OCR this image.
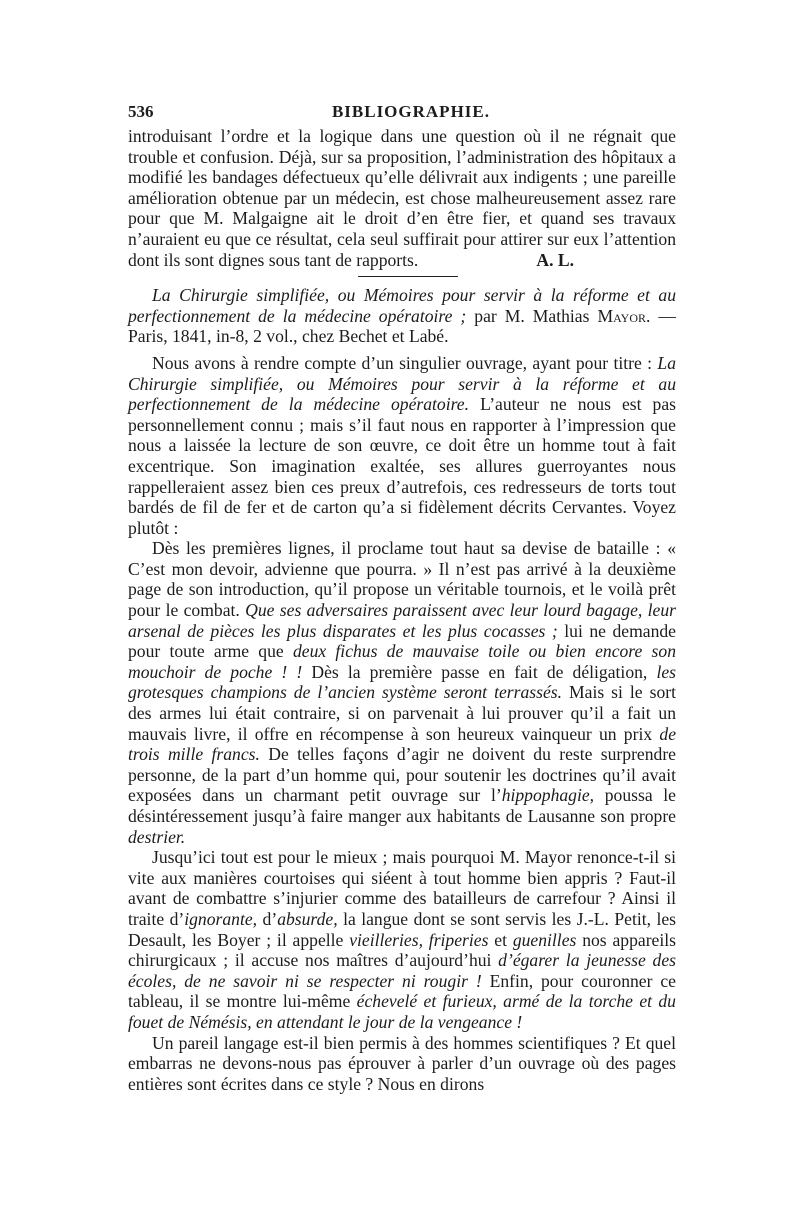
536	BIBLIOGRAPHIE.

introduisant l’ordre et la logique dans une question où il ne régnait que trouble et confusion. Déjà, sur sa proposition, l’administration des hôpitaux a modifié les bandages défectueux qu’elle délivrait aux indigents ; une pareille amélioration obtenue par un médecin, est chose malheureusement assez rare pour que M. Malgaigne ait le droit d’en être fier, et quand ses travaux n’auraient eu que ce résultat, cela seul suffirait pour attirer sur eux l’attention dont ils sont dignes sous tant de rapports.	A. L.

La Chirurgie simplifiée, ou Mémoires pour servir à la réforme et au perfectionnement de la médecine opératoire ; par M. Mathias Mayor. — Paris, 1841, in-8, 2 vol., chez Bechet et Labé.

Nous avons à rendre compte d’un singulier ouvrage, ayant pour titre : La Chirurgie simplifiée, ou Mémoires pour servir à la réforme et au perfectionnement de la médecine opératoire. L’auteur ne nous est pas personnellement connu ; mais s’il faut nous en rapporter à l’impression que nous a laissée la lecture de son œuvre, ce doit être un homme tout à fait excentrique. Son imagination exaltée, ses allures guerroyantes nous rappelleraient assez bien ces preux d’autrefois, ces redresseurs de torts tout bardés de fil de fer et de carton qu’a si fidèlement décrits Cervantes. Voyez plutôt :

Dès les premières lignes, il proclame tout haut sa devise de bataille : « C’est mon devoir, advienne que pourra. » Il n’est pas arrivé à la deuxième page de son introduction, qu’il propose un véritable tournois, et le voilà prêt pour le combat. Que ses adversaires paraissent avec leur lourd bagage, leur arsenal de pièces les plus disparates et les plus cocasses ; lui ne demande pour toute arme que deux fichus de mauvaise toile ou bien encore son mouchoir de poche ! ! Dès la première passe en fait de déligation, les grotesques champions de l’ancien système seront terrassés. Mais si le sort des armes lui était contraire, si on parvenait à lui prouver qu’il a fait un mauvais livre, il offre en récompense à son heureux vainqueur un prix de trois mille francs. De telles façons d’agir ne doivent du reste surprendre personne, de la part d’un homme qui, pour soutenir les doctrines qu’il avait exposées dans un charmant petit ouvrage sur l’hippophagie, poussa le désintéressement jusqu’à faire manger aux habitants de Lausanne son propre destrier.

Jusqu’ici tout est pour le mieux ; mais pourquoi M. Mayor renonce-t-il si vite aux manières courtoises qui siéent à tout homme bien appris ? Faut-il avant de combattre s’injurier comme des batailleurs de carrefour ? Ainsi il traite d’ignorante, d’absurde, la langue dont se sont servis les J.-L. Petit, les Desault, les Boyer ; il appelle vieilleries, friperies et guenilles nos appareils chirurgicaux ; il accuse nos maîtres d’aujourd’hui d’égarer la jeunesse des écoles, de ne savoir ni se respecter ni rougir ! Enfin, pour couronner ce tableau, il se montre lui-même échevelé et furieux, armé de la torche et du fouet de Némésis, en attendant le jour de la vengeance !

Un pareil langage est-il bien permis à des hommes scientifiques ? Et quel embarras ne devons-nous pas éprouver à parler d’un ouvrage où des pages entières sont écrites dans ce style ? Nous en dirons
